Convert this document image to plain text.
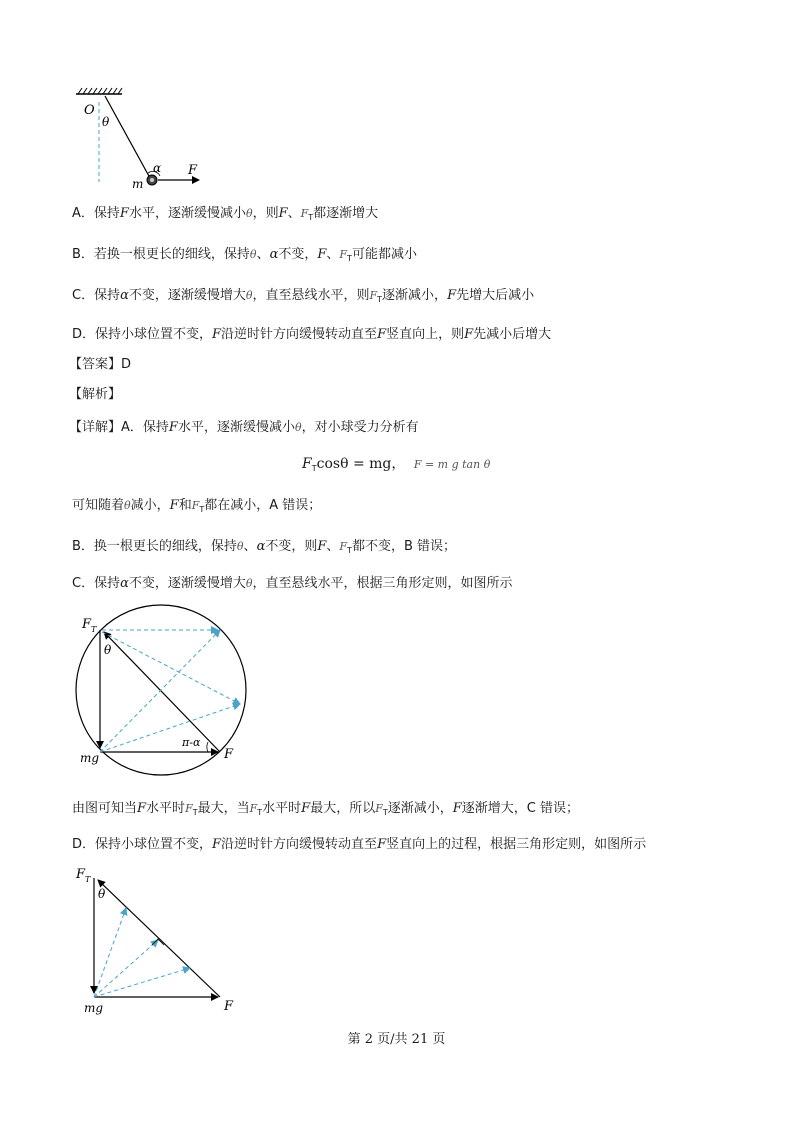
O
θ
α F
m
A．保持F水平，逐渐缓慢减小θ，则F、$F_T$都逐渐增大
B．若换一根更长的细线，保持θ、α不变，F、$F_T$可能都减小
C．保持α不变，逐渐缓慢增大θ，直至悬线水平，则$F_T$逐渐减小，F先增大后减小
D．保持小球位置不变，F沿逆时针方向缓慢转动直至F竖直向上，则F先减小后增大
【答案】D
【解析】
【详解】A．保持F水平，逐渐缓慢减小θ，对小球受力分析有
$F_T\cos\theta$ = mg， F = m g tan θ
可知随着θ减小，F和$F_T$都在减小，A 错误；
B．换一根更长的细线，保持θ、α不变，则F、$F_T$都不变，B 错误；
C．保持α不变，逐渐缓慢增大θ，直至悬线水平，根据三角形定则，如图所示
$F_T$
θ
mg
π-α
F
由图可知当F水平时$F_T$最大，当$F_T$水平时F最大，所以$F_T$逐渐减小，F逐渐增大，C 错误；
D．保持小球位置不变，F沿逆时针方向缓慢转动直至F竖直向上的过程，根据三角形定则，如图所示
$F_T$
θ
mg	F
第 2 页/共 21 页
